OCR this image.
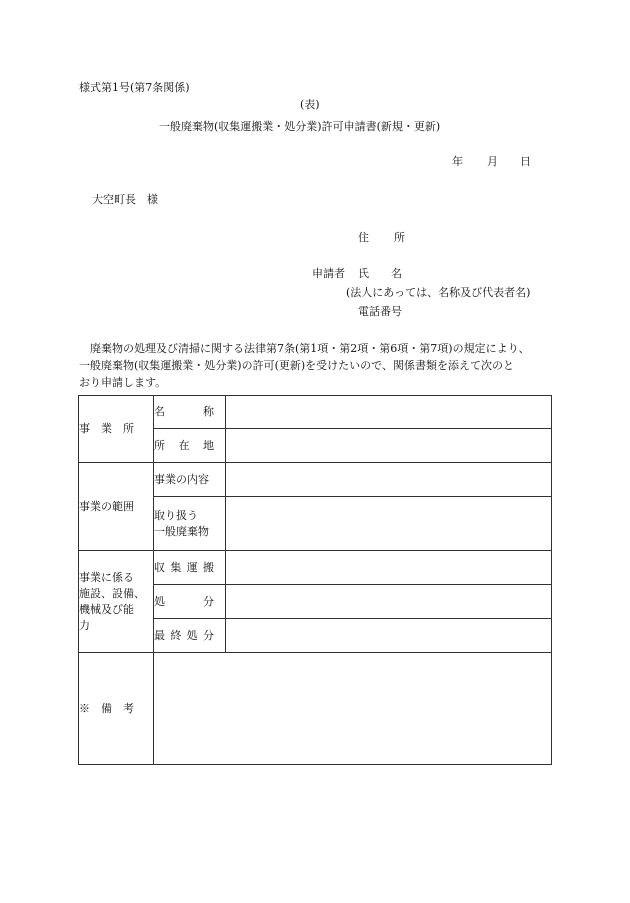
様式第1号(第7条関係)
(表)
一般廃棄物(収集運搬業・処分業)許可申請書(新規・更新)
年 月 日
大空町長　様
住　　所
申請者 氏　　名
(法人にあっては、名称及び代表者名)
電話番号
　廃棄物の処理及び清掃に関する法律第7条(第1項・第2項・第6項・第7項)の規定により、
一般廃棄物(収集運搬業・処分業)の許可(更新)を受けたいので、関係書類を添えて次のと
おり申請します。
事　業　所	名 称	

	所 在 地	

事業の範囲	事業の内容	
	取り扱う
一般廃棄物	
事業に係る
施設、設備、
機械及び能
力	収 集 運 搬	

	処 分	

	最 終 処 分	

※　備　考		
